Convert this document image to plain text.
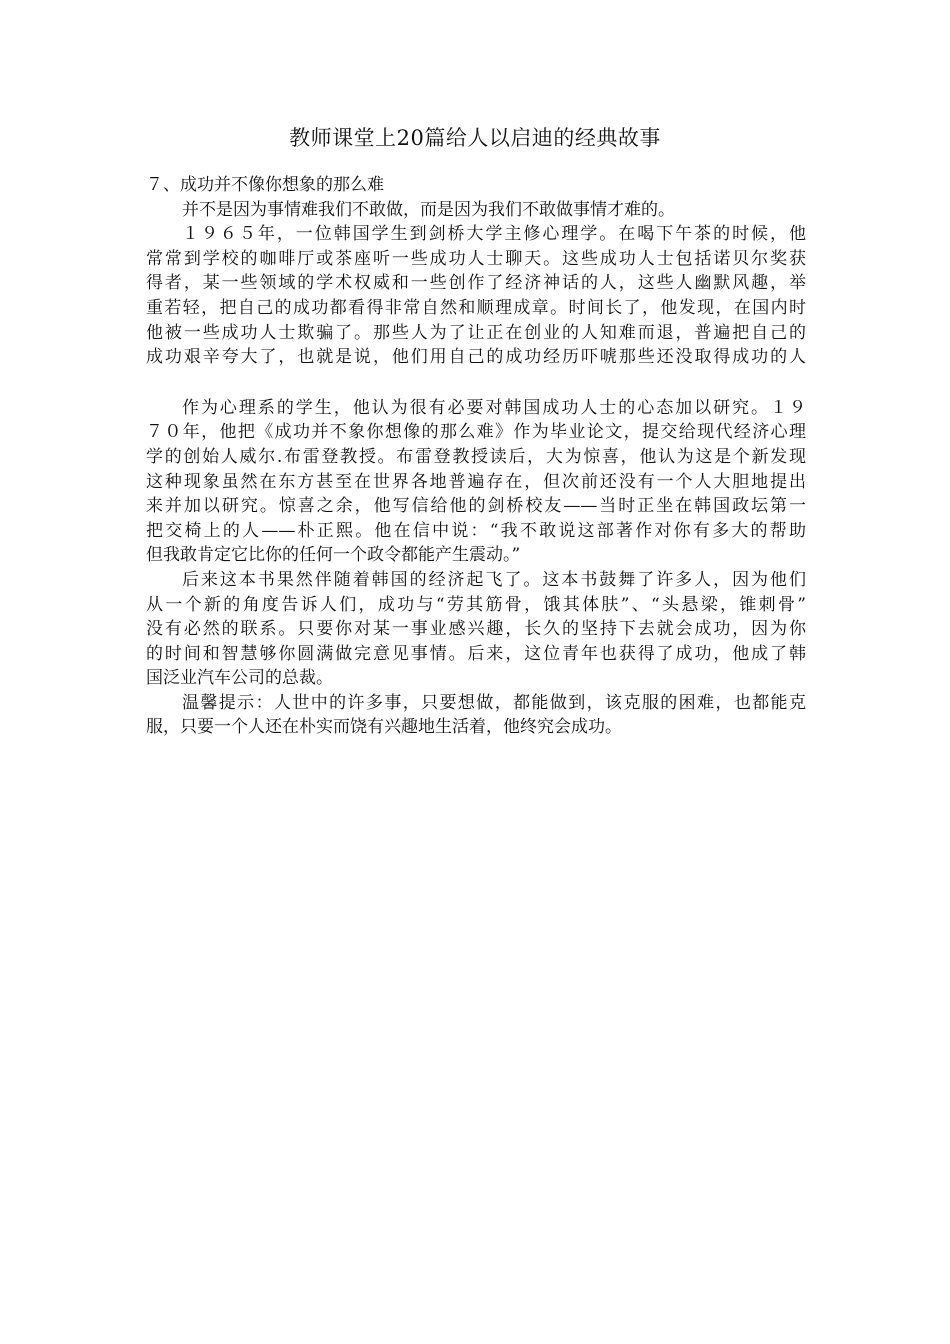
教师课堂上20篇给人以启迪的经典故事
７、成功并不像你想象的那么难
并不是因为事情难我们不敢做，而是因为我们不敢做事情才难的。
１９６５年，一位韩国学生到剑桥大学主修心理学。在喝下午茶的时候，他
常常到学校的咖啡厅或茶座听一些成功人士聊天。这些成功人士包括诺贝尔奖获
得者，某一些领域的学术权威和一些创作了经济神话的人，这些人幽默风趣，举
重若轻，把自己的成功都看得非常自然和顺理成章。时间长了，他发现，在国内时
他被一些成功人士欺骗了。那些人为了让正在创业的人知难而退，普遍把自己的
成功艰辛夸大了，也就是说，他们用自己的成功经历吓唬那些还没取得成功的人
作为心理系的学生，他认为很有必要对韩国成功人士的心态加以研究。１９
７０年，他把《成功并不象你想像的那么难》作为毕业论文，提交给现代经济心理
学的创始人威尔.布雷登教授。布雷登教授读后，大为惊喜，他认为这是个新发现
这种现象虽然在东方甚至在世界各地普遍存在，但次前还没有一个人大胆地提出
来并加以研究。惊喜之余，他写信给他的剑桥校友——当时正坐在韩国政坛第一
把交椅上的人——朴正熙。他在信中说：“我不敢说这部著作对你有多大的帮助
但我敢肯定它比你的任何一个政令都能产生震动。”
后来这本书果然伴随着韩国的经济起飞了。这本书鼓舞了许多人，因为他们
从一个新的角度告诉人们，成功与“劳其筋骨，饿其体肤”、“头悬梁，锥刺骨”
没有必然的联系。只要你对某一事业感兴趣，长久的坚持下去就会成功，因为你
的时间和智慧够你圆满做完意见事情。后来，这位青年也获得了成功，他成了韩
国泛业汽车公司的总裁。
温馨提示：人世中的许多事，只要想做，都能做到，该克服的困难，也都能克
服，只要一个人还在朴实而饶有兴趣地生活着，他终究会成功。
